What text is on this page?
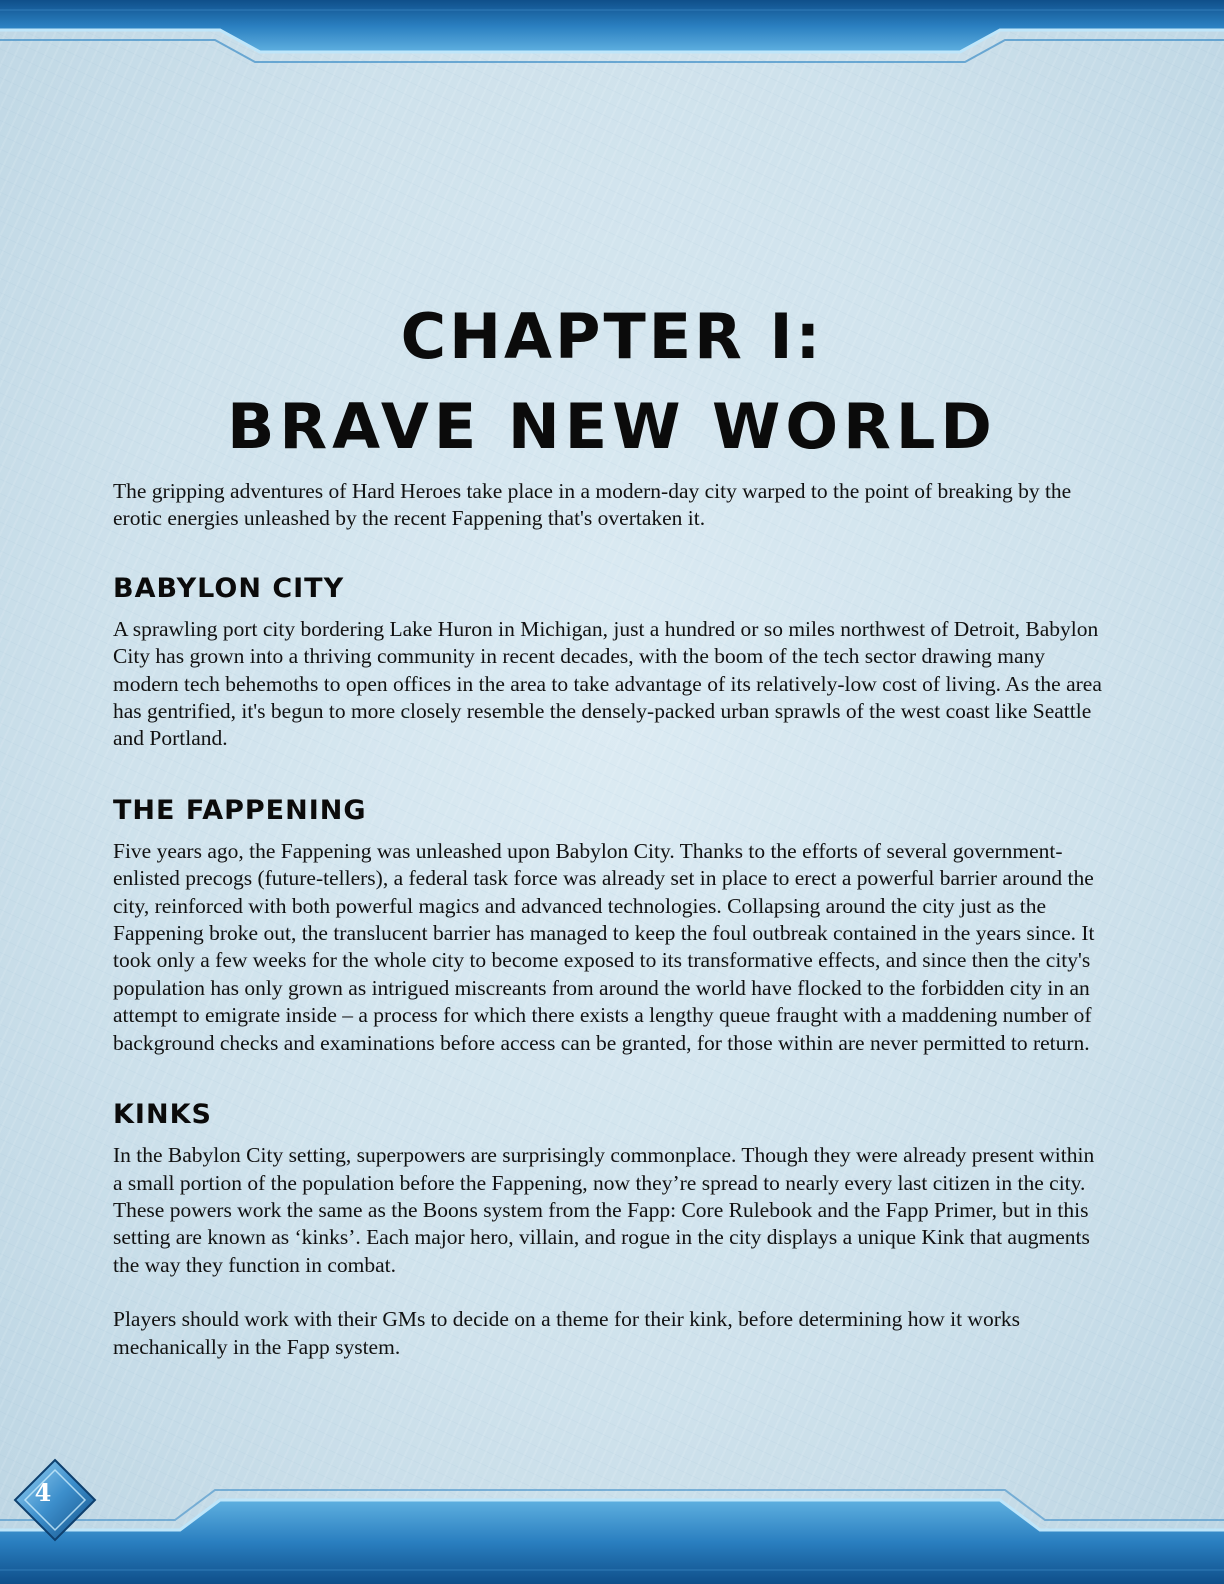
CHAPTER I:
BRAVE NEW WORLD

The gripping adventures of Hard Heroes take place in a modern-day city warped to the point of breaking by the erotic energies unleashed by the recent Fappening that's overtaken it.

BABYLON CITY

A sprawling port city bordering Lake Huron in Michigan, just a hundred or so miles northwest of Detroit, Babylon City has grown into a thriving community in recent decades, with the boom of the tech sector drawing many modern tech behemoths to open offices in the area to take advantage of its relatively-low cost of living. As the area has gentrified, it's begun to more closely resemble the densely-packed urban sprawls of the west coast like Seattle and Portland.

THE FAPPENING

Five years ago, the Fappening was unleashed upon Babylon City. Thanks to the efforts of several government-enlisted precogs (future-tellers), a federal task force was already set in place to erect a powerful barrier around the city, reinforced with both powerful magics and advanced technologies. Collapsing around the city just as the Fappening broke out, the translucent barrier has managed to keep the foul outbreak contained in the years since. It took only a few weeks for the whole city to become exposed to its transformative effects, and since then the city's population has only grown as intrigued miscreants from around the world have flocked to the forbidden city in an attempt to emigrate inside – a process for which there exists a lengthy queue fraught with a maddening number of background checks and examinations before access can be granted, for those within are never permitted to return.

KINKS

In the Babylon City setting, superpowers are surprisingly commonplace. Though they were already present within a small portion of the population before the Fappening, now they’re spread to nearly every last citizen in the city. These powers work the same as the Boons system from the Fapp: Core Rulebook and the Fapp Primer, but in this setting are known as ‘kinks’. Each major hero, villain, and rogue in the city displays a unique Kink that augments the way they function in combat.

Players should work with their GMs to decide on a theme for their kink, before determining how it works mechanically in the Fapp system.

4
